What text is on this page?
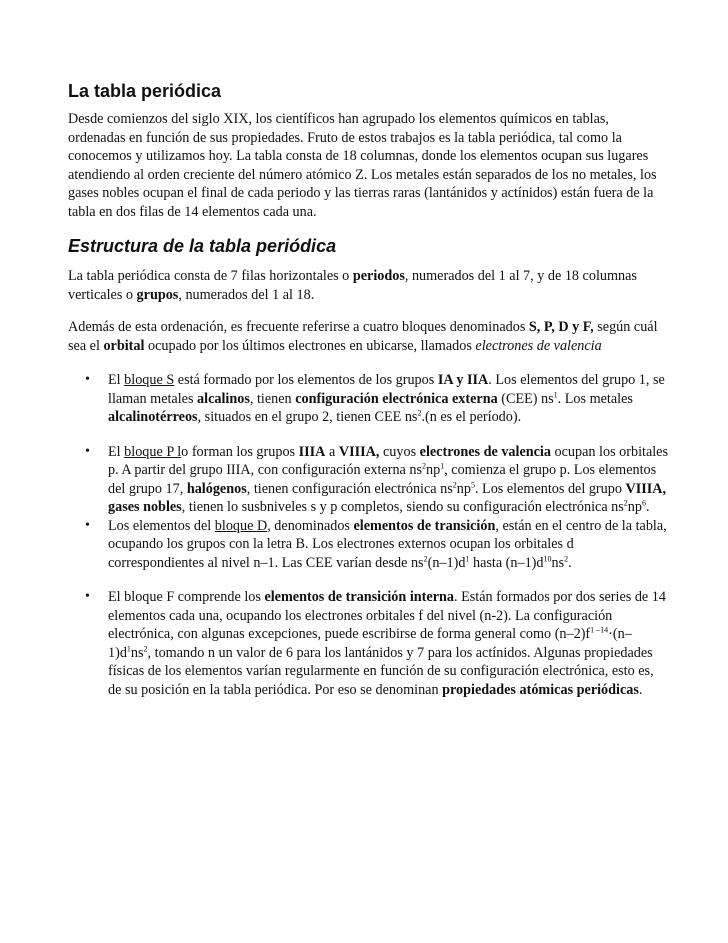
La tabla periódica

Desde comienzos del siglo XIX, los científicos han agrupado los elementos químicos en tablas, ordenadas en función de sus propiedades. Fruto de estos trabajos es la tabla periódica, tal como la conocemos y utilizamos hoy. La tabla consta de 18 columnas, donde los elementos ocupan sus lugares atendiendo al orden creciente del número atómico Z. Los metales están separados de los no metales, los gases nobles ocupan el final de cada periodo y las tierras raras (lantánidos y actínidos) están fuera de la tabla en dos filas de 14 elementos cada una.

Estructura de la tabla periódica

La tabla periódica consta de 7 filas horizontales o periodos, numerados del 1 al 7, y de 18 columnas verticales o grupos, numerados del 1 al 18.

Además de esta ordenación, es frecuente referirse a cuatro bloques denominados S, P, D y F, según cuál sea el orbital ocupado por los últimos electrones en ubicarse, llamados electrones de valencia

• El bloque S está formado por los elementos de los grupos IA y IIA. Los elementos del grupo 1, se llaman metales alcalinos, tienen configuración electrónica externa (CEE) $ns^1$. Los metales alcalinotérreos, situados en el grupo 2, tienen CEE $ns^2.(n$ es el período).
• El bloque P lo forman los grupos IIIA a VIIIA, cuyos electrones de valencia ocupan los orbitales p. A partir del grupo IIIA, con configuración externa $ns^2np^1$, comienza el grupo p. Los elementos del grupo 17, halógenos, tienen configuración electrónica $ns^2np^5$. Los elementos del grupo VIIIA, gases nobles, tienen lo susbniveles s y p completos, siendo su configuración electrónica $ns^2np^6$.
• Los elementos del bloque D, denominados elementos de transición, están en el centro de la tabla, ocupando los grupos con la letra B. Los electrones externos ocupan los orbitales d correspondientes al nivel n–1. Las CEE varían desde $ns^2(n-1)d^1$ hasta $(n-1)d^{10}ns^2$.
• El bloque F comprende los elementos de transición interna. Están formados por dos series de 14 elementos cada una, ocupando los electrones orbitales f del nivel (n-2). La configuración electrónica, con algunas excepciones, puede escribirse de forma general como $(n-2)f^{1 -14}\cdot(n-1)d^1ns^2$, tomando n un valor de 6 para los lantánidos y 7 para los actínidos. Algunas propiedades físicas de los elementos varían regularmente en función de su configuración electrónica, esto es, de su posición en la tabla periódica. Por eso se denominan propiedades atómicas periódicas.
